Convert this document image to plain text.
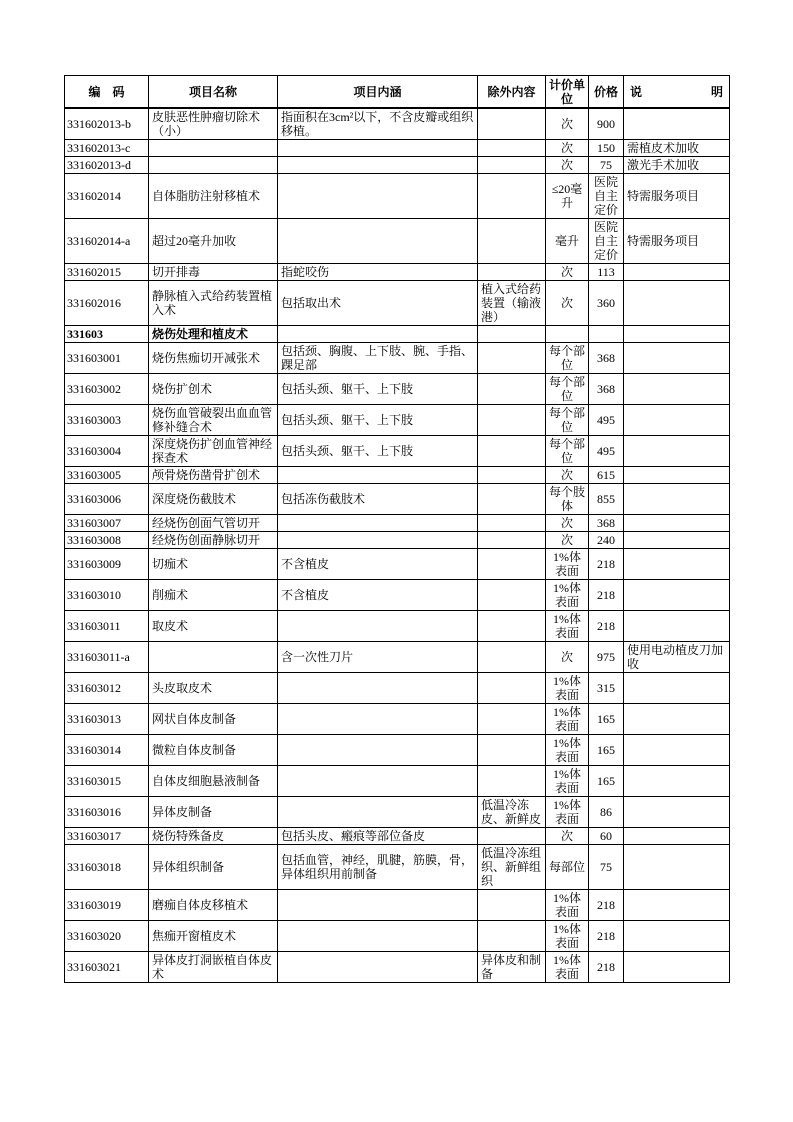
编　码	项目名称	项目内涵	除外内容	计价单位	价格	说 明
331602013-b	皮肤恶性肿瘤切除术（小）	指面积在3cm²以下，不含皮瓣或组织移植。		次	900	
331602013-c				次	150	需植皮术加收
331602013-d				次	75	激光手术加收
331602014	自体脂肪注射移植术			≤20毫升	医院自主定价	特需服务项目
331602014-a	超过20毫升加收			毫升	医院自主定价	特需服务项目
331602015	切开排毒	指蛇咬伤		次	113	
331602016	静脉植入式给药装置植入术	包括取出术	植入式给药装置（输液港）	次	360	
331603	烧伤处理和植皮术					
331603001	烧伤焦痂切开减张术	包括颈、胸腹、上下肢、腕、手指、踝足部		每个部位	368	
331603002	烧伤扩创术	包括头颈、躯干、上下肢		每个部位	368	
331603003	烧伤血管破裂出血血管修补缝合术	包括头颈、躯干、上下肢		每个部位	495	
331603004	深度烧伤扩创血管神经探查术	包括头颈、躯干、上下肢		每个部位	495	
331603005	颅骨烧伤凿骨扩创术			次	615	
331603006	深度烧伤截肢术	包括冻伤截肢术		每个肢体	855	
331603007	经烧伤创面气管切开			次	368	
331603008	经烧伤创面静脉切开			次	240	
331603009	切痂术	不含植皮		1%体表面	218	
331603010	削痂术	不含植皮		1%体表面	218	
331603011	取皮术			1%体表面	218	
331603011-a		含一次性刀片		次	975	使用电动植皮刀加收
331603012	头皮取皮术			1%体表面	315	
331603013	网状自体皮制备			1%体表面	165	
331603014	微粒自体皮制备			1%体表面	165	
331603015	自体皮细胞悬液制备			1%体表面	165	
331603016	异体皮制备		低温冷冻皮、新鲜皮	1%体表面	86	
331603017	烧伤特殊备皮	包括头皮、瘢痕等部位备皮		次	60	
331603018	异体组织制备	包括血管，神经，肌腱，筋膜，骨，异体组织用前制备	低温冷冻组织、新鲜组织	每部位	75	
331603019	磨痂自体皮移植术			1%体表面	218	
331603020	焦痂开窗植皮术			1%体表面	218	
331603021	异体皮打洞嵌植自体皮术		异体皮和制备	1%体表面	218	
